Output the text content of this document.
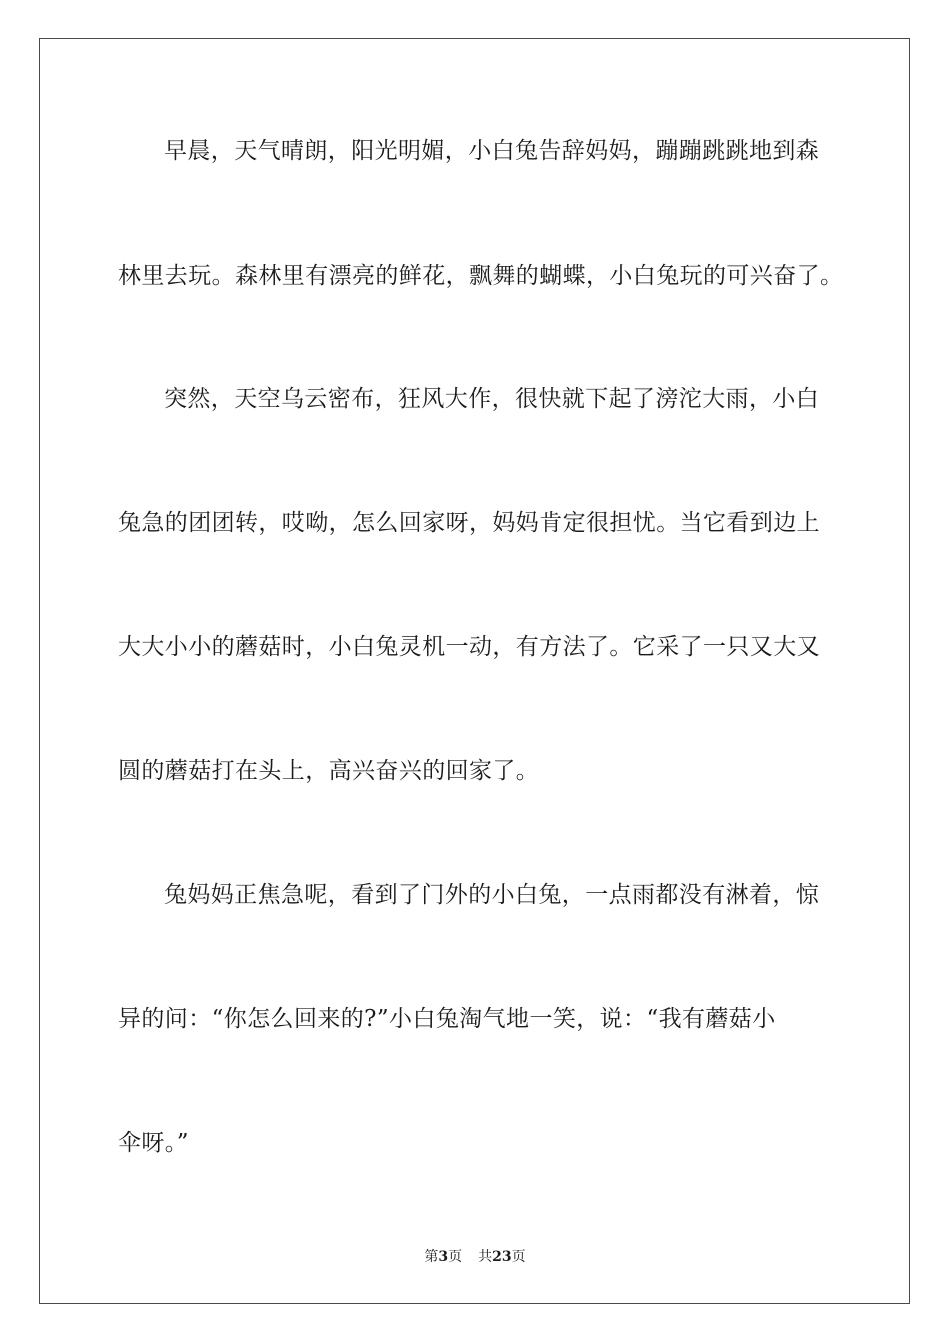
早晨，天气晴朗，阳光明媚，小白兔告辞妈妈，蹦蹦跳跳地到森
林里去玩。森林里有漂亮的鲜花，飘舞的蝴蝶，小白兔玩的可兴奋了。
突然，天空乌云密布，狂风大作，很快就下起了滂沱大雨，小白
兔急的团团转，哎呦，怎么回家呀，妈妈肯定很担忧。当它看到边上
大大小小的蘑菇时，小白兔灵机一动，有方法了。它采了一只又大又
圆的蘑菇打在头上，高兴奋兴的回家了。
兔妈妈正焦急呢，看到了门外的小白兔，一点雨都没有淋着，惊
异的问：“你怎么回来的?”小白兔淘气地一笑，说：“我有蘑菇小
伞呀。”
第3页 共23页
